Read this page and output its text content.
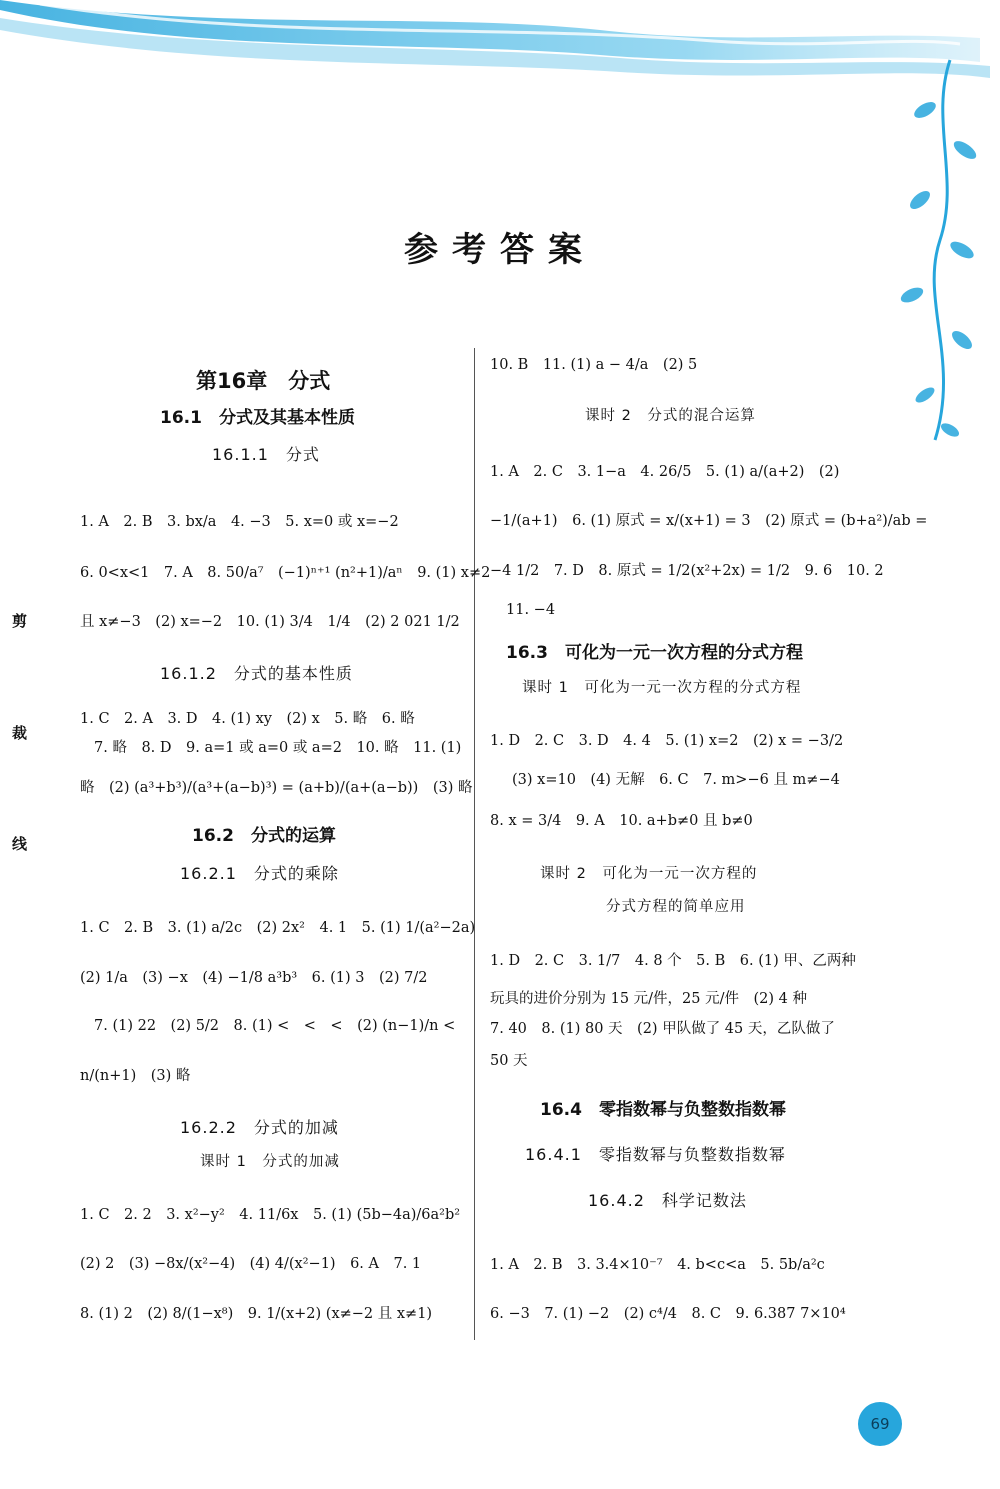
参考答案
剪
裁
线
第16章　分式
16.1　分式及其基本性质
16.1.1　分式
1. A　2. B　3. bx/a　4. −3　5. x=0 或 x=−2
6. 0<x<1　7. A　8. 50/a⁷　(−1)ⁿ⁺¹ (n²+1)/aⁿ　9. (1) x≠2
且 x≠−3　(2) x=−2　10. (1) 3/4　1/4　(2) 2 021 1/2
16.1.2　分式的基本性质
1. C　2. A　3. D　4. (1) xy　(2) x　5. 略　6. 略
7. 略　8. D　9. a=1 或 a=0 或 a=2　10. 略　11. (1)
略　(2) (a³+b³)/(a³+(a−b)³) = (a+b)/(a+(a−b))　(3) 略
16.2　分式的运算
16.2.1　分式的乘除
1. C　2. B　3. (1) a/2c　(2) 2x²　4. 1　5. (1) 1/(a²−2a)
(2) 1/a　(3) −x　(4) −1/8 a³b³　6. (1) 3　(2) 7/2
7. (1) 22　(2) 5/2　8. (1) <　<　<　(2) (n−1)/n <
n/(n+1)　(3) 略
16.2.2　分式的加减
课时 1　分式的加减
1. C　2. 2　3. x²−y²　4. 11/6x　5. (1) (5b−4a)/6a²b²
(2) 2　(3) −8x/(x²−4)　(4) 4/(x²−1)　6. A　7. 1
8. (1) 2　(2) 8/(1−x⁸)　9. 1/(x+2) (x≠−2 且 x≠1)
10. B　11. (1) a − 4/a　(2) 5
课时 2　分式的混合运算
1. A　2. C　3. 1−a　4. 26/5　5. (1) a/(a+2)　(2)
−1/(a+1)　6. (1) 原式 = x/(x+1) = 3　(2) 原式 = (b+a²)/ab =
−4 1/2　7. D　8. 原式 = 1/2(x²+2x) = 1/2　9. 6　10. 2
11. −4
16.3　可化为一元一次方程的分式方程
课时 1　可化为一元一次方程的分式方程
1. D　2. C　3. D　4. 4　5. (1) x=2　(2) x = −3/2
(3) x=10　(4) 无解　6. C　7. m>−6 且 m≠−4
8. x = 3/4　9. A　10. a+b≠0 且 b≠0
课时 2　可化为一元一次方程的
分式方程的简单应用
1. D　2. C　3. 1/7　4. 8 个　5. B　6. (1) 甲、乙两种
玩具的进价分别为 15 元/件，25 元/件　(2) 4 种
7. 40　8. (1) 80 天　(2) 甲队做了 45 天，乙队做了
50 天
16.4　零指数幂与负整数指数幂
16.4.1　零指数幂与负整数指数幂
16.4.2　科学记数法
1. A　2. B　3. 3.4×10⁻⁷　4. b<c<a　5. 5b/a²c
6. −3　7. (1) −2　(2) c⁴/4　8. C　9. 6.387 7×10⁴
69
